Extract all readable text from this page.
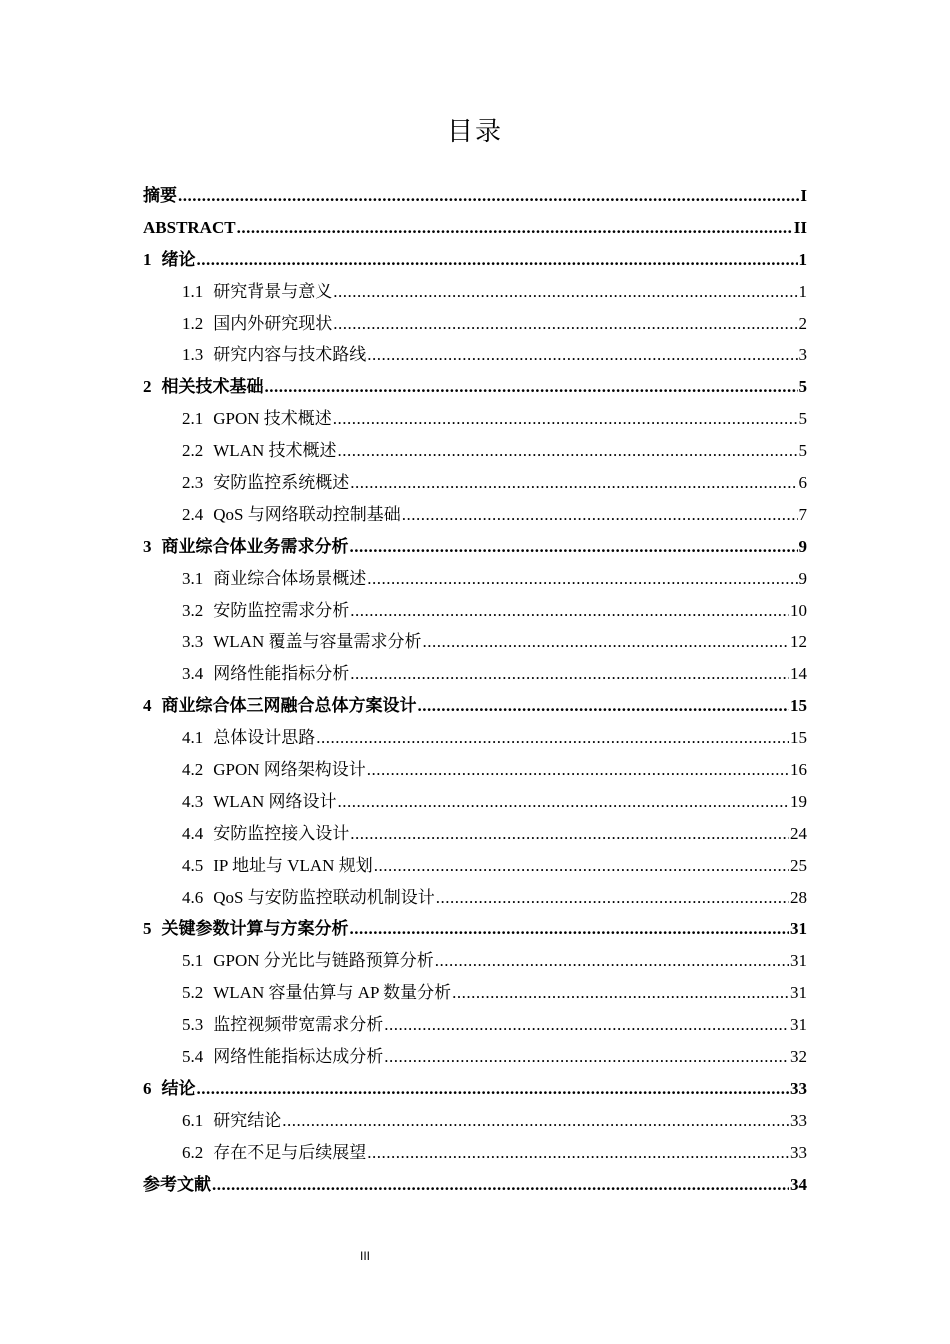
目录
摘要 .....	I
ABSTRACT .....	II
1 绪论 .....	1
1.1 研究背景与意义 .....	1
1.2 国内外研究现状 .....	2
1.3 研究内容与技术路线 .....	3
2 相关技术基础 .....	5
2.1 GPON 技术概述 .....	5
2.2 WLAN 技术概述 .....	5
2.3 安防监控系统概述 .....	6
2.4 QoS 与网络联动控制基础 .....	7
3 商业综合体业务需求分析 .....	9
3.1 商业综合体场景概述 .....	9
3.2 安防监控需求分析 .....	10
3.3 WLAN 覆盖与容量需求分析 .....	12
3.4 网络性能指标分析 .....	14
4 商业综合体三网融合总体方案设计 .....	15
4.1 总体设计思路 .....	15
4.2 GPON 网络架构设计 .....	16
4.3 WLAN 网络设计 .....	19
4.4 安防监控接入设计 .....	24
4.5 IP 地址与 VLAN 规划 .....	25
4.6 QoS 与安防监控联动机制设计 .....	28
5 关键参数计算与方案分析 .....	31
5.1 GPON 分光比与链路预算分析 .....	31
5.2 WLAN 容量估算与 AP 数量分析 .....	31
5.3 监控视频带宽需求分析 .....	31
5.4 网络性能指标达成分析 .....	32
6 结论 .....	33
6.1 研究结论 .....	33
6.2 存在不足与后续展望 .....	33
参考文献 .....	34
III
